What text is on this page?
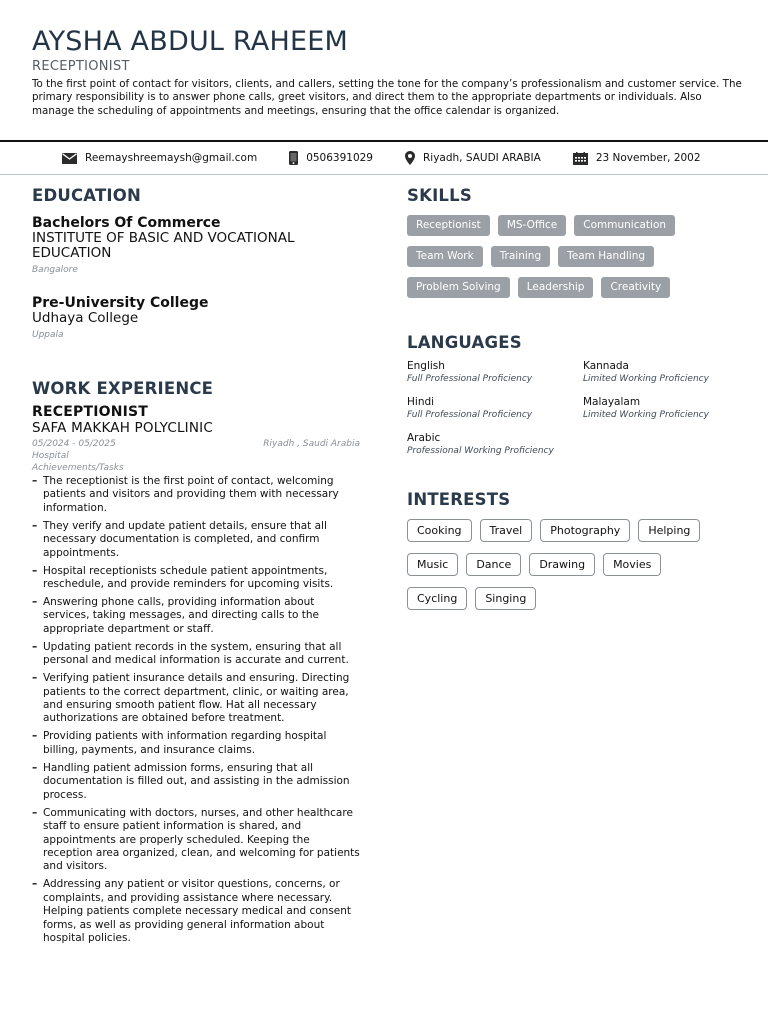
AYSHA ABDUL RAHEEM
RECEPTIONIST

To the first point of contact for visitors, clients, and callers, setting the tone for the company’s professionalism and customer service. The primary responsibility is to answer phone calls, greet visitors, and direct them to the appropriate departments or individuals. Also manage the scheduling of appointments and meetings, ensuring that the office calendar is organized.

Reemayshreemaysh@gmail.com	0506391029	Riyadh, SAUDI ARABIA	23 November, 2002
EDUCATION
Bachelors Of Commerce
INSTITUTE OF BASIC AND VOCATIONAL EDUCATION
Bangalore
Pre-University College
Udhaya College
Uppala
WORK EXPERIENCE
RECEPTIONIST
SAFA MAKKAH POLYCLINIC
05/2024 - 05/2025	Riyadh , Saudi Arabia
Hospital
Achievements/Tasks
– The receptionist is the first point of contact, welcoming patients and visitors and providing them with necessary information.
– They verify and update patient details, ensure that all necessary documentation is completed, and confirm appointments.
– Hospital receptionists schedule patient appointments, reschedule, and provide reminders for upcoming visits.
– Answering phone calls, providing information about services, taking messages, and directing calls to the appropriate department or staff.
– Updating patient records in the system, ensuring that all personal and medical information is accurate and current.
– Verifying patient insurance details and ensuring. Directing patients to the correct department, clinic, or waiting area, and ensuring smooth patient flow. Hat all necessary authorizations are obtained before treatment.
– Providing patients with information regarding hospital billing, payments, and insurance claims.
– Handling patient admission forms, ensuring that all documentation is filled out, and assisting in the admission process.
– Communicating with doctors, nurses, and other healthcare staff to ensure patient information is shared, and appointments are properly scheduled. Keeping the reception area organized, clean, and welcoming for patients and visitors.
– Addressing any patient or visitor questions, concerns, or complaints, and providing assistance where necessary. Helping patients complete necessary medical and consent forms, as well as providing general information about hospital policies.
SKILLS
Receptionist	MS-Office	Communication
Team Work	Training	Team Handling
Problem Solving	Leadership	Creativity
LANGUAGES
English
Full Professional Proficiency
Kannada
Limited Working Proficiency
Hindi
Full Professional Proficiency
Malayalam
Limited Working Proficiency
Arabic
Professional Working Proficiency
INTERESTS
Cooking	Travel	Photography	Helping
Music	Dance	Drawing	Movies
Cycling	Singing
